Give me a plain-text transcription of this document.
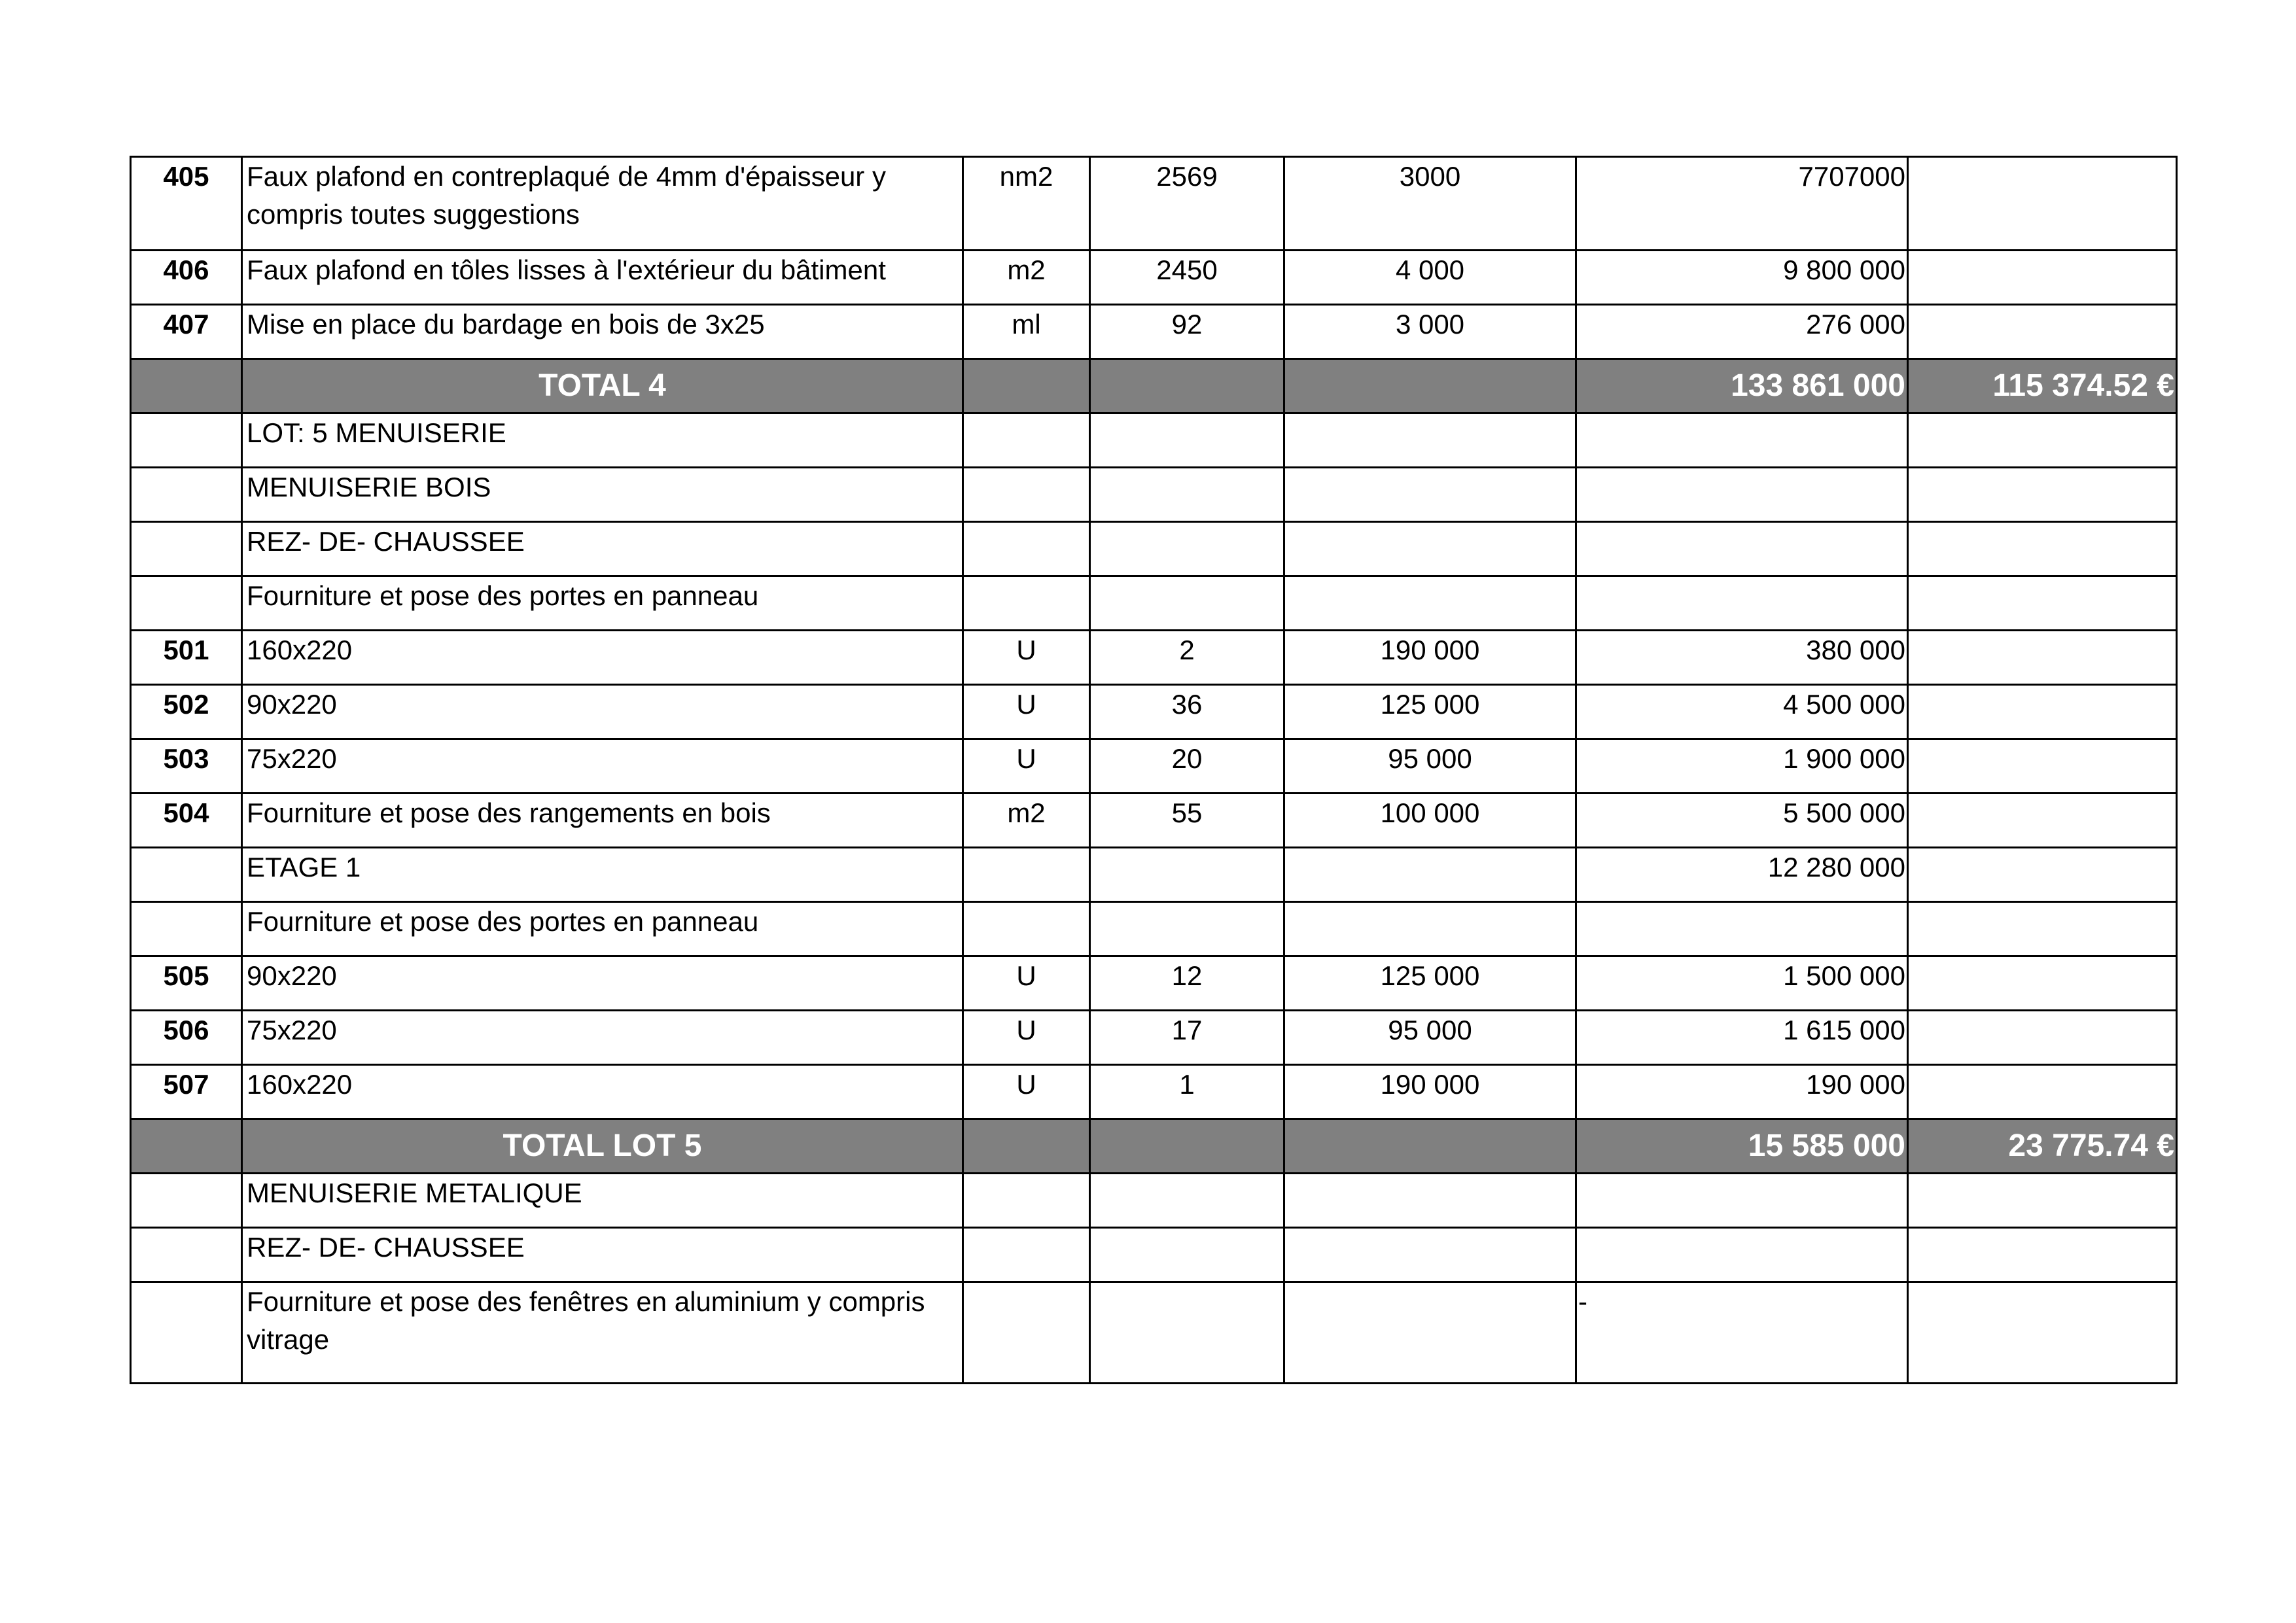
405	Faux plafond en contreplaqué de 4mm d'épaisseur y compris toutes suggestions	nm2	2569	3000	7707000	
406	Faux plafond en tôles lisses à l'extérieur du bâtiment	m2	2450	4 000	9 800 000	
407	Mise en place du bardage en bois de 3x25	ml	92	3 000	276 000	
	TOTAL 4				133 861 000	115 374.52 €
	LOT: 5 MENUISERIE					
	MENUISERIE BOIS					
	REZ- DE- CHAUSSEE					
	Fourniture et pose des portes en panneau					
501	160x220	U	2	190 000	380 000	
502	90x220	U	36	125 000	4 500 000	
503	75x220	U	20	95 000	1 900 000	
504	Fourniture et pose des rangements en bois	m2	55	100 000	5 500 000	
	ETAGE 1				12 280 000	
	Fourniture et pose des portes en panneau					
505	90x220	U	12	125 000	1 500 000	
506	75x220	U	17	95 000	1 615 000	
507	160x220	U	1	190 000	190 000	
	TOTAL LOT 5				15 585 000	23 775.74 €
	MENUISERIE METALIQUE					
	REZ- DE- CHAUSSEE					
	Fourniture et pose des fenêtres en aluminium y compris vitrage				-	
